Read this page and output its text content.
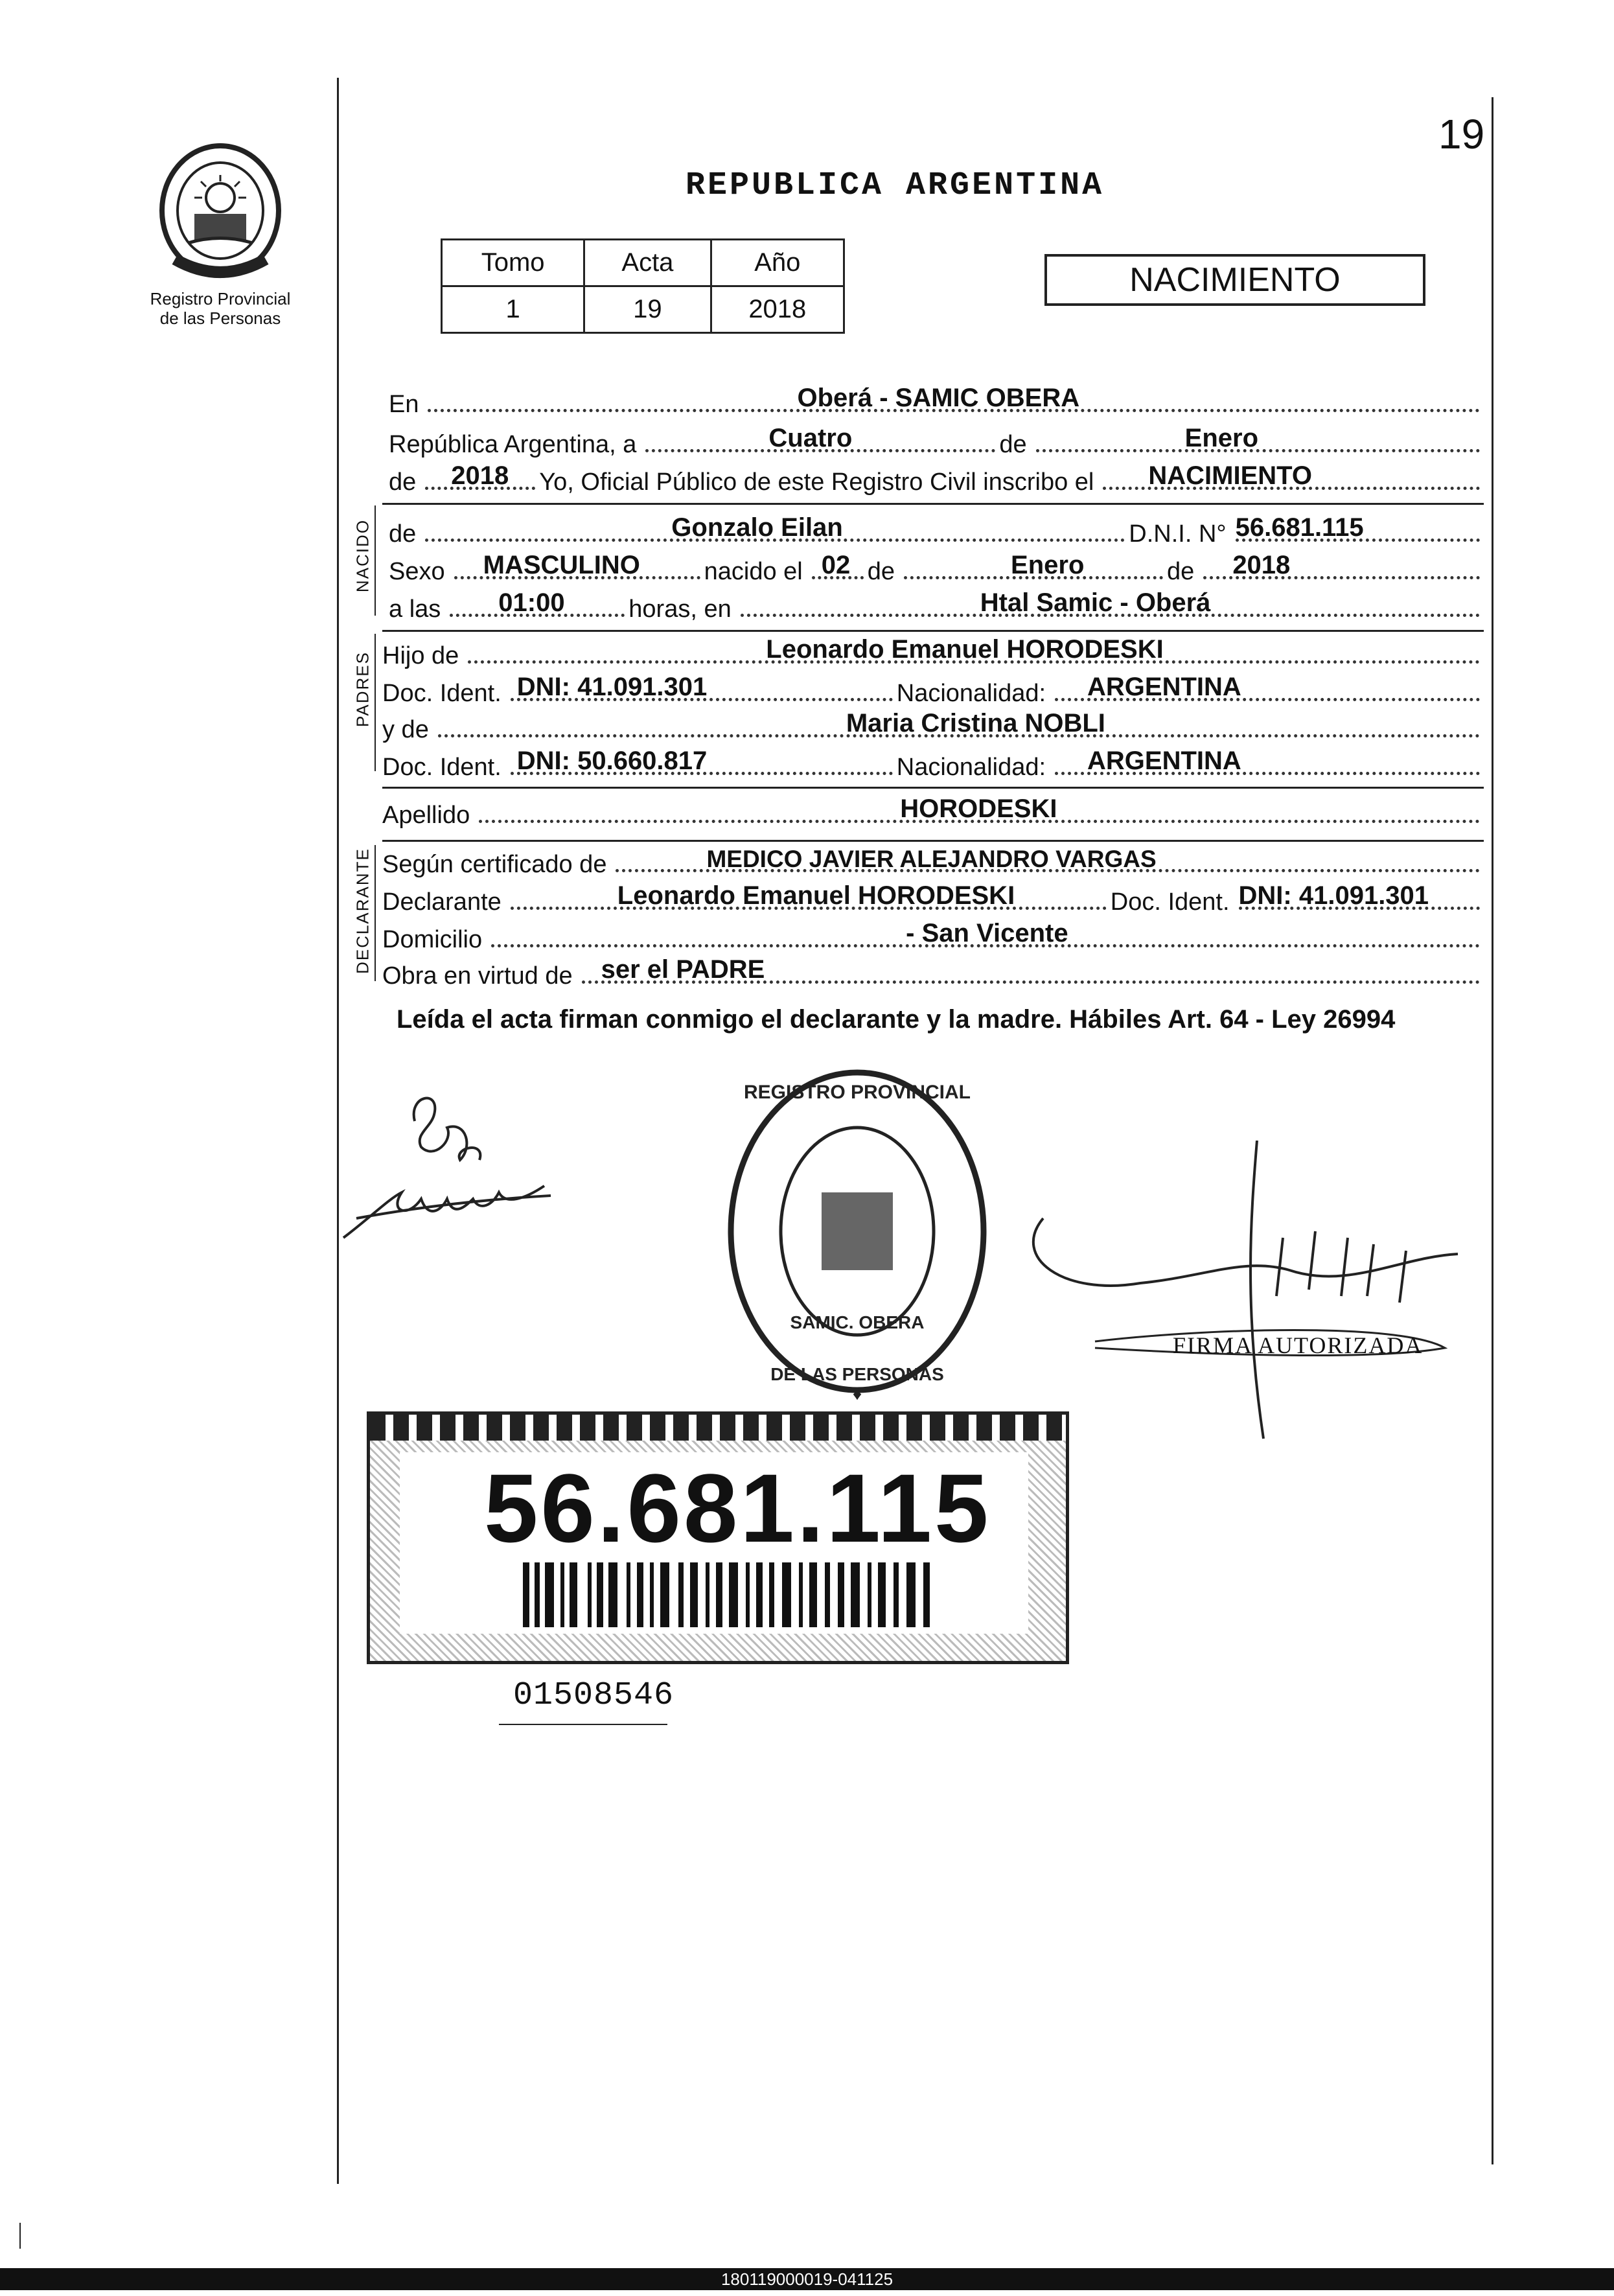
19
Registro Provincial
de las Personas
REPUBLICA ARGENTINA
Tomo	Acta	Año
1	19	2018
NACIMIENTO
En	Oberá - SAMIC OBERA
República Argentina, a	Cuatro	de	Enero
de 2018 Yo, Oficial Público de este Registro Civil inscribo el NACIMIENTO
NACIDO de	Gonzalo Eilan	D.N.I. N° 56.681.115
Sexo MASCULINO	nacido el 02 de	Enero	de 2018
a las 01:00	horas, en	Htal Samic - Oberá
PADRES Hijo de	Leonardo Emanuel HORODESKI
Doc. Ident. DNI: 41.091.301	Nacionalidad: ARGENTINA
y de	Maria Cristina NOBLI
Doc. Ident. DNI: 50.660.817	Nacionalidad: ARGENTINA
Apellido	HORODESKI
DECLARANTE Según certificado de	MEDICO JAVIER ALEJANDRO VARGAS
Declarante	Leonardo Emanuel HORODESKI	Doc. Ident. DNI: 41.091.301
Domicilio	- San Vicente
Obra en virtud de ser el PADRE
Leída el acta firman conmigo el declarante y la madre. Hábiles Art. 64 - Ley 26994
REGISTRO PROVINCIAL
DE LAS PERSONAS
SAMIC. OBERA
♦
FIRMA AUTORIZADA
56.681.115
01508546
180119000019-041125
